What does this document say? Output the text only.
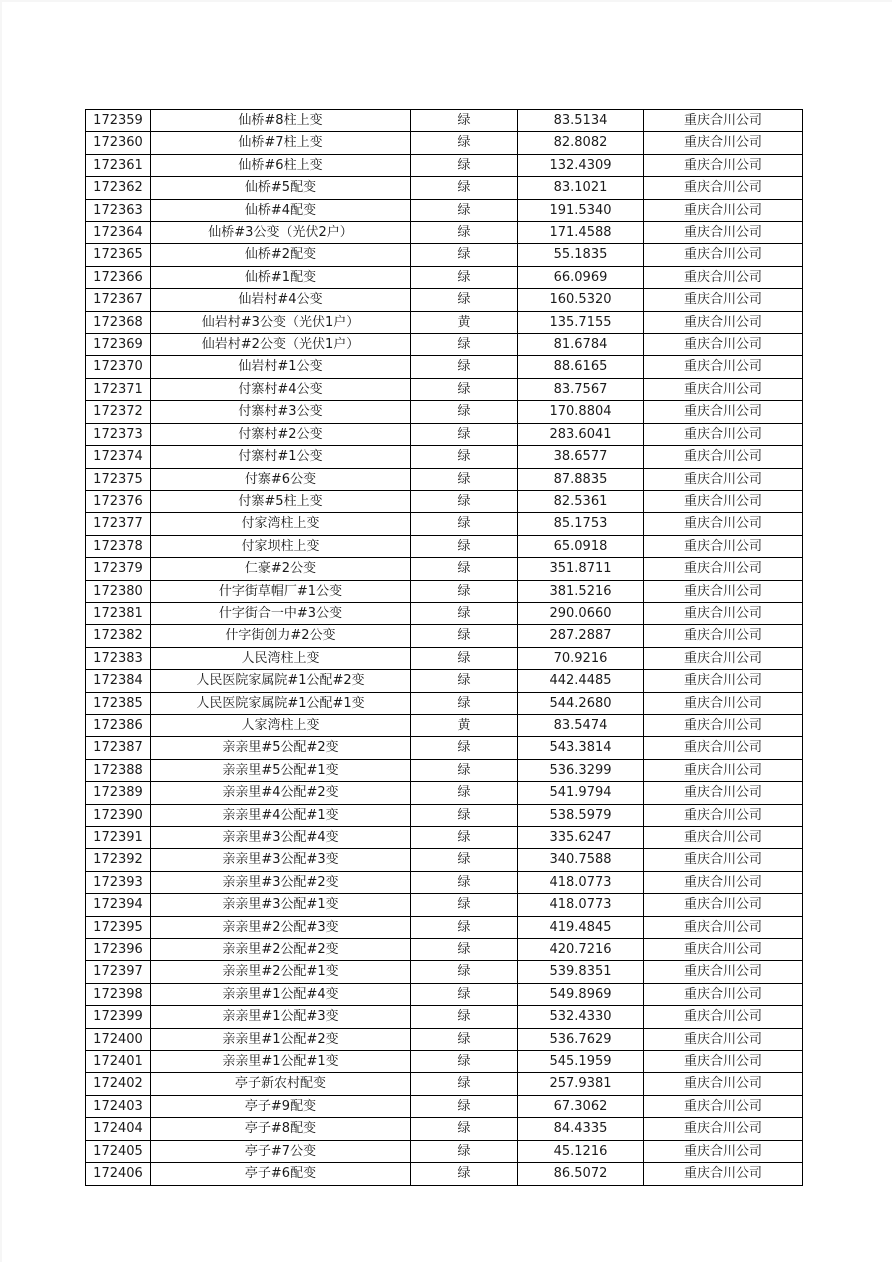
172359	仙桥#8柱上变	绿	83.5134	重庆合川公司
172360	仙桥#7柱上变	绿	82.8082	重庆合川公司
172361	仙桥#6柱上变	绿	132.4309	重庆合川公司
172362	仙桥#5配变	绿	83.1021	重庆合川公司
172363	仙桥#4配变	绿	191.5340	重庆合川公司
172364	仙桥#3公变（光伏2户）	绿	171.4588	重庆合川公司
172365	仙桥#2配变	绿	55.1835	重庆合川公司
172366	仙桥#1配变	绿	66.0969	重庆合川公司
172367	仙岩村#4公变	绿	160.5320	重庆合川公司
172368	仙岩村#3公变（光伏1户）	黄	135.7155	重庆合川公司
172369	仙岩村#2公变（光伏1户）	绿	81.6784	重庆合川公司
172370	仙岩村#1公变	绿	88.6165	重庆合川公司
172371	付寨村#4公变	绿	83.7567	重庆合川公司
172372	付寨村#3公变	绿	170.8804	重庆合川公司
172373	付寨村#2公变	绿	283.6041	重庆合川公司
172374	付寨村#1公变	绿	38.6577	重庆合川公司
172375	付寨#6公变	绿	87.8835	重庆合川公司
172376	付寨#5柱上变	绿	82.5361	重庆合川公司
172377	付家湾柱上变	绿	85.1753	重庆合川公司
172378	付家坝柱上变	绿	65.0918	重庆合川公司
172379	仁豪#2公变	绿	351.8711	重庆合川公司
172380	什字街草帽厂#1公变	绿	381.5216	重庆合川公司
172381	什字街合一中#3公变	绿	290.0660	重庆合川公司
172382	什字街创力#2公变	绿	287.2887	重庆合川公司
172383	人民湾柱上变	绿	70.9216	重庆合川公司
172384	人民医院家属院#1公配#2变	绿	442.4485	重庆合川公司
172385	人民医院家属院#1公配#1变	绿	544.2680	重庆合川公司
172386	人家湾柱上变	黄	83.5474	重庆合川公司
172387	亲亲里#5公配#2变	绿	543.3814	重庆合川公司
172388	亲亲里#5公配#1变	绿	536.3299	重庆合川公司
172389	亲亲里#4公配#2变	绿	541.9794	重庆合川公司
172390	亲亲里#4公配#1变	绿	538.5979	重庆合川公司
172391	亲亲里#3公配#4变	绿	335.6247	重庆合川公司
172392	亲亲里#3公配#3变	绿	340.7588	重庆合川公司
172393	亲亲里#3公配#2变	绿	418.0773	重庆合川公司
172394	亲亲里#3公配#1变	绿	418.0773	重庆合川公司
172395	亲亲里#2公配#3变	绿	419.4845	重庆合川公司
172396	亲亲里#2公配#2变	绿	420.7216	重庆合川公司
172397	亲亲里#2公配#1变	绿	539.8351	重庆合川公司
172398	亲亲里#1公配#4变	绿	549.8969	重庆合川公司
172399	亲亲里#1公配#3变	绿	532.4330	重庆合川公司
172400	亲亲里#1公配#2变	绿	536.7629	重庆合川公司
172401	亲亲里#1公配#1变	绿	545.1959	重庆合川公司
172402	亭子新农村配变	绿	257.9381	重庆合川公司
172403	亭子#9配变	绿	67.3062	重庆合川公司
172404	亭子#8配变	绿	84.4335	重庆合川公司
172405	亭子#7公变	绿	45.1216	重庆合川公司
172406	亭子#6配变	绿	86.5072	重庆合川公司
